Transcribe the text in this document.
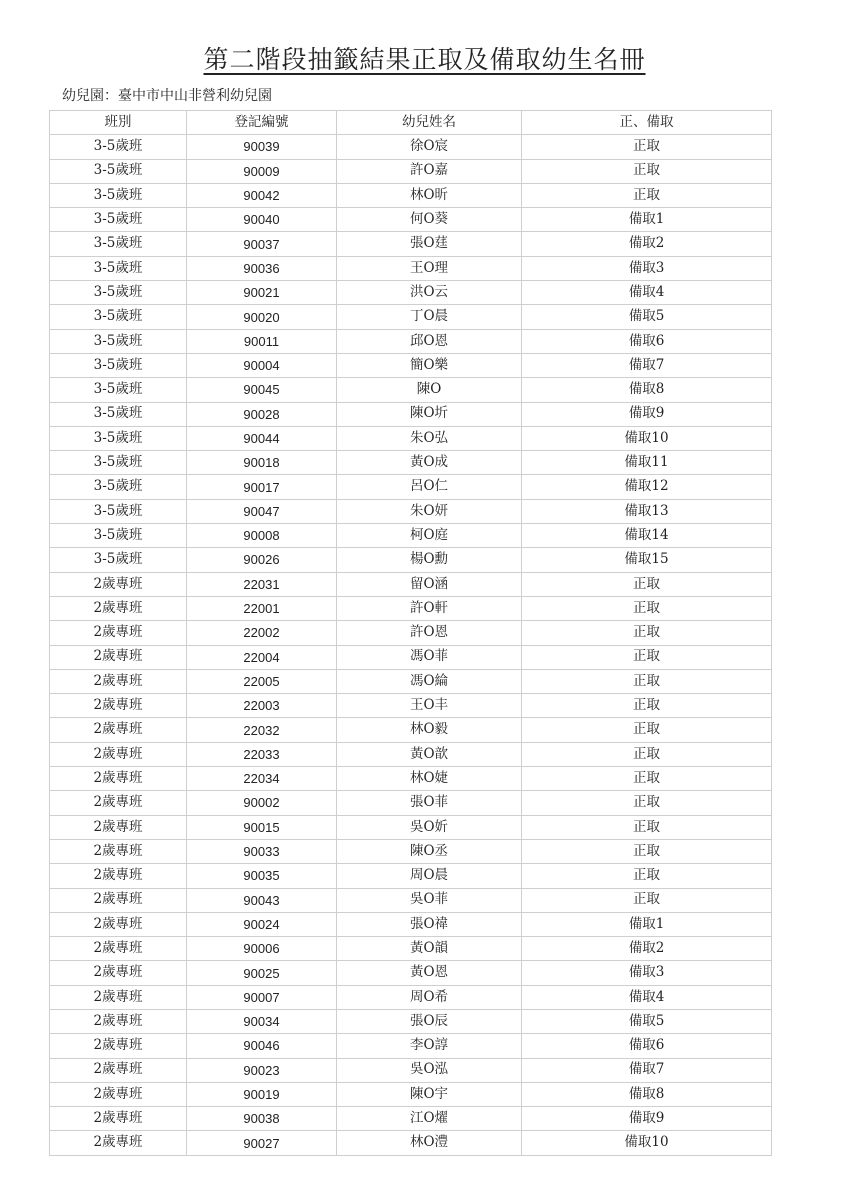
第二階段抽籤結果正取及備取幼生名冊
幼兒園：臺中市中山非營利幼兒園
班別	登記編號	幼兒姓名	正、備取
3-5歲班	90039	徐O宸	正取
3-5歲班	90009	許O嘉	正取
3-5歲班	90042	林O昕	正取
3-5歲班	90040	何O葵	備取1
3-5歲班	90037	張O莛	備取2
3-5歲班	90036	王O理	備取3
3-5歲班	90021	洪O云	備取4
3-5歲班	90020	丁O晨	備取5
3-5歲班	90011	邱O恩	備取6
3-5歲班	90004	簡O樂	備取7
3-5歲班	90045	陳O	備取8
3-5歲班	90028	陳O圻	備取9
3-5歲班	90044	朱O弘	備取10
3-5歲班	90018	黃O成	備取11
3-5歲班	90017	呂O仁	備取12
3-5歲班	90047	朱O妍	備取13
3-5歲班	90008	柯O庭	備取14
3-5歲班	90026	楊O勳	備取15
2歲專班	22031	留O涵	正取
2歲專班	22001	許O軒	正取
2歲專班	22002	許O恩	正取
2歲專班	22004	馮O菲	正取
2歲專班	22005	馮O綸	正取
2歲專班	22003	王O丰	正取
2歲專班	22032	林O毅	正取
2歲專班	22033	黃O歆	正取
2歲專班	22034	林O婕	正取
2歲專班	90002	張O菲	正取
2歲專班	90015	吳O妡	正取
2歲專班	90033	陳O丞	正取
2歲專班	90035	周O晨	正取
2歲專班	90043	吳O菲	正取
2歲專班	90024	張O禕	備取1
2歲專班	90006	黃O韻	備取2
2歲專班	90025	黃O恩	備取3
2歲專班	90007	周O希	備取4
2歲專班	90034	張O辰	備取5
2歲專班	90046	李O諄	備取6
2歲專班	90023	吳O泓	備取7
2歲專班	90019	陳O宇	備取8
2歲專班	90038	江O燿	備取9
2歲專班	90027	林O澧	備取10
